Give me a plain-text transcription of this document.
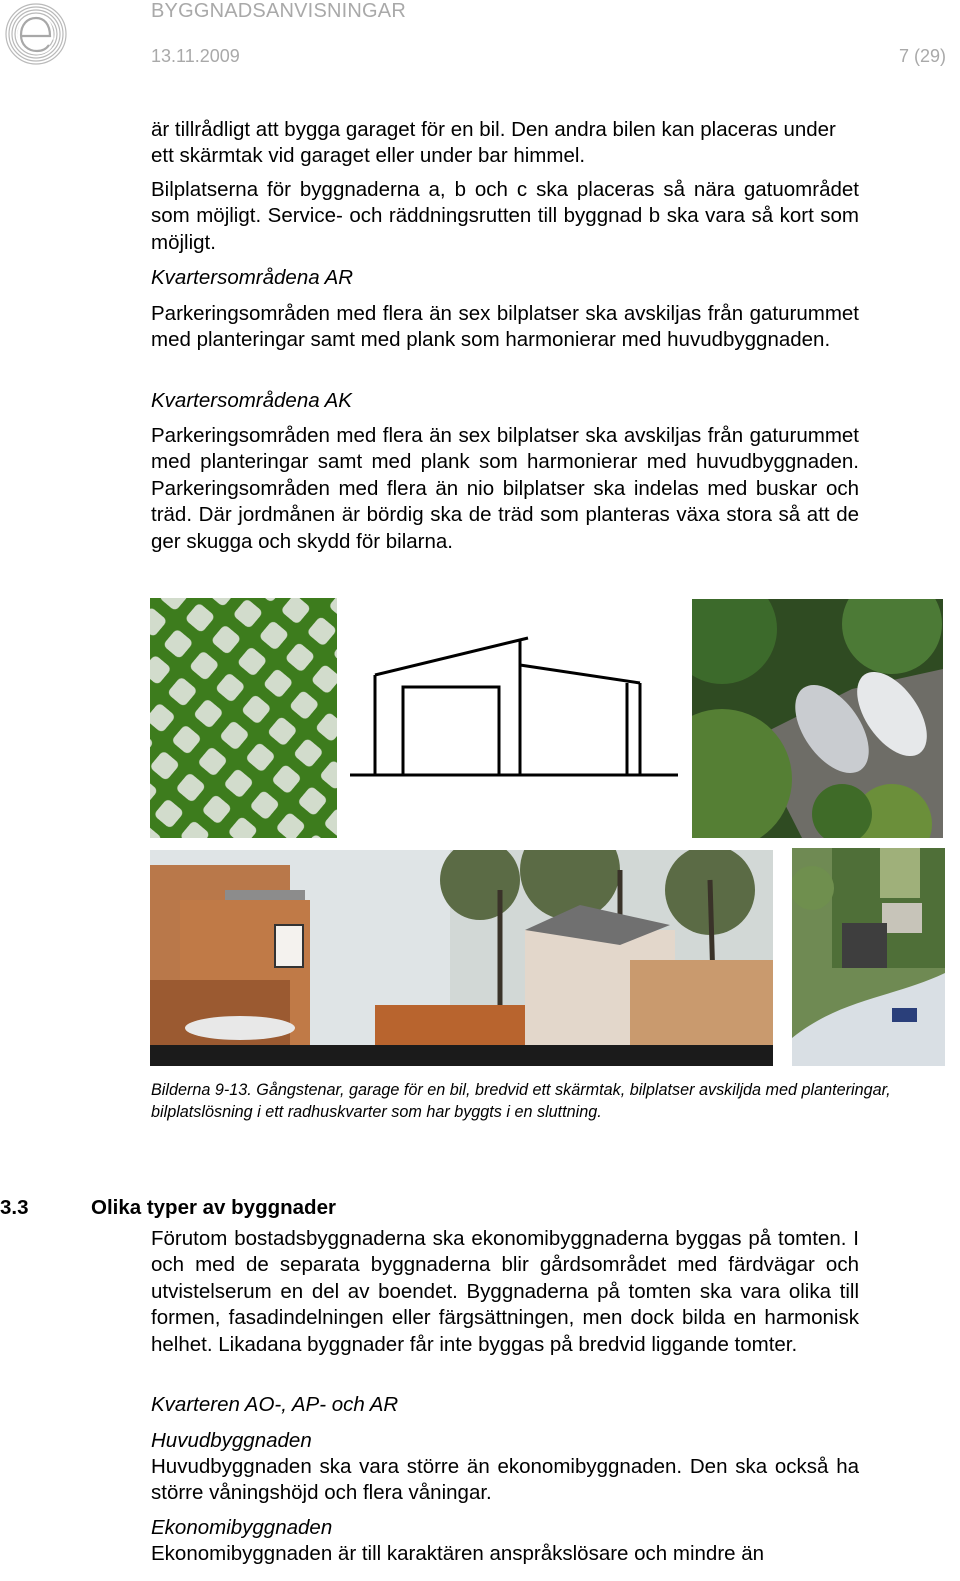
BYGGNADSANVISNINGAR
13.11.2009	7 (29)
är tillrådligt att bygga garaget för en bil. Den andra bilen kan placeras under ett skärmtak vid garaget eller under bar himmel.
Bilplatserna för byggnaderna a, b och c ska placeras så nära gatuområdet som möjligt. Service- och räddningsrutten till byggnad b ska vara så kort som möjligt.
Kvartersområdena AR
Parkeringsområden med flera än sex bilplatser ska avskiljas från gaturummet med planteringar samt med plank som harmonierar med huvudbyggnaden.
Kvartersområdena AK
Parkeringsområden med flera än sex bilplatser ska avskiljas från gaturummet med planteringar samt med plank som harmonierar med huvudbyggnaden. Parkeringsområden med flera än nio bilplatser ska indelas med buskar och träd. Där jordmånen är bördig ska de träd som planteras växa stora så att de ger skugga och skydd för bilarna.
Bilderna 9-13. Gångstenar, garage för en bil, bredvid ett skärmtak, bilplatser avskiljda med planteringar, bilplatslösning i ett radhuskvarter som har byggts i en sluttning.
3.3	Olika typer av byggnader
Förutom bostadsbyggnaderna ska ekonomibyggnaderna byggas på tomten. I och med de separata byggnaderna blir gårdsområdet med färdvägar och utvistelserum en del av boendet. Byggnaderna på tomten ska vara olika till formen, fasadindelningen eller färgsättningen, men dock bilda en harmonisk helhet. Likadana byggnader får inte byggas på bredvid liggande tomter.
Kvarteren AO-, AP- och AR
Huvudbyggnaden
Huvudbyggnaden ska vara större än ekonomibyggnaden. Den ska också ha större våningshöjd och flera våningar.
Ekonomibyggnaden
Ekonomibyggnaden är till karaktären anspråkslösare och mindre än
